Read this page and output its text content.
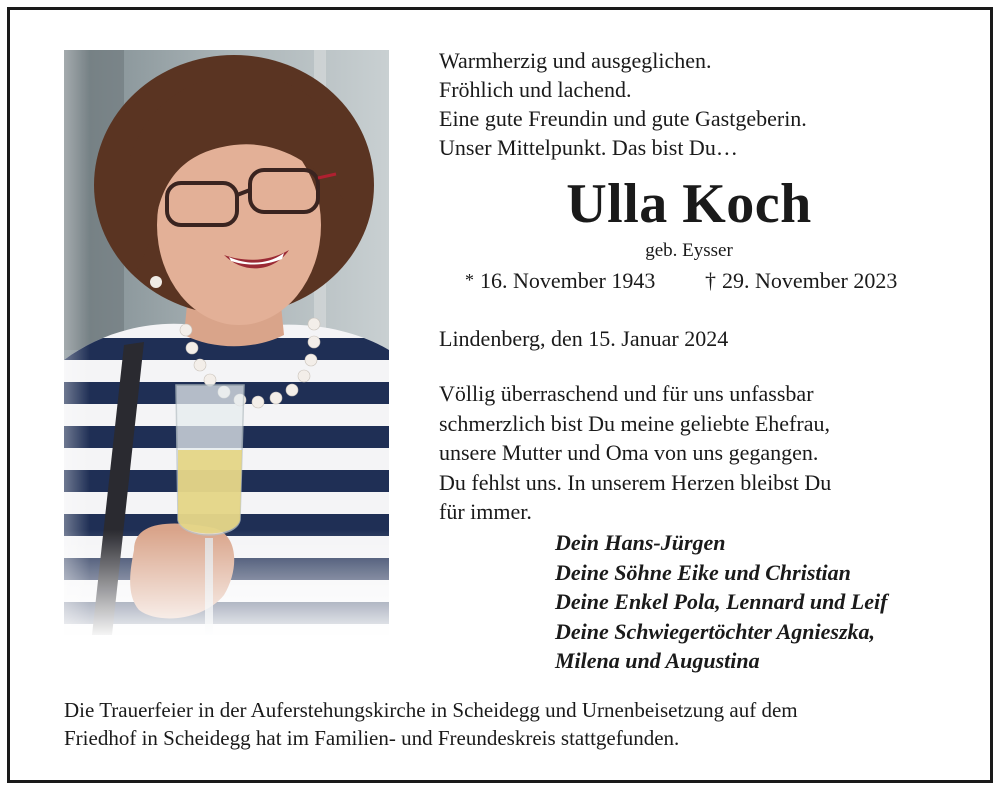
Warmherzig und ausgeglichen.
Fröhlich und lachend.
Eine gute Freundin und gute Gastgeberin.
Unser Mittelpunkt. Das bist Du…
Ulla Koch
geb. Eysser
* 16. November 1943 † 29. November 2023
Lindenberg, den 15. Januar 2024
Völlig überraschend und für uns unfassbar
schmerzlich bist Du meine geliebte Ehefrau,
unsere Mutter und Oma von uns gegangen.
Du fehlst uns. In unserem Herzen bleibst Du
für immer.
Dein Hans-Jürgen
Deine Söhne Eike und Christian
Deine Enkel Pola, Lennard und Leif
Deine Schwiegertöchter Agnieszka,
Milena und Augustina
Die Trauerfeier in der Auferstehungskirche in Scheidegg und Urnenbeisetzung auf dem
Friedhof in Scheidegg hat im Familien- und Freundeskreis stattgefunden.
